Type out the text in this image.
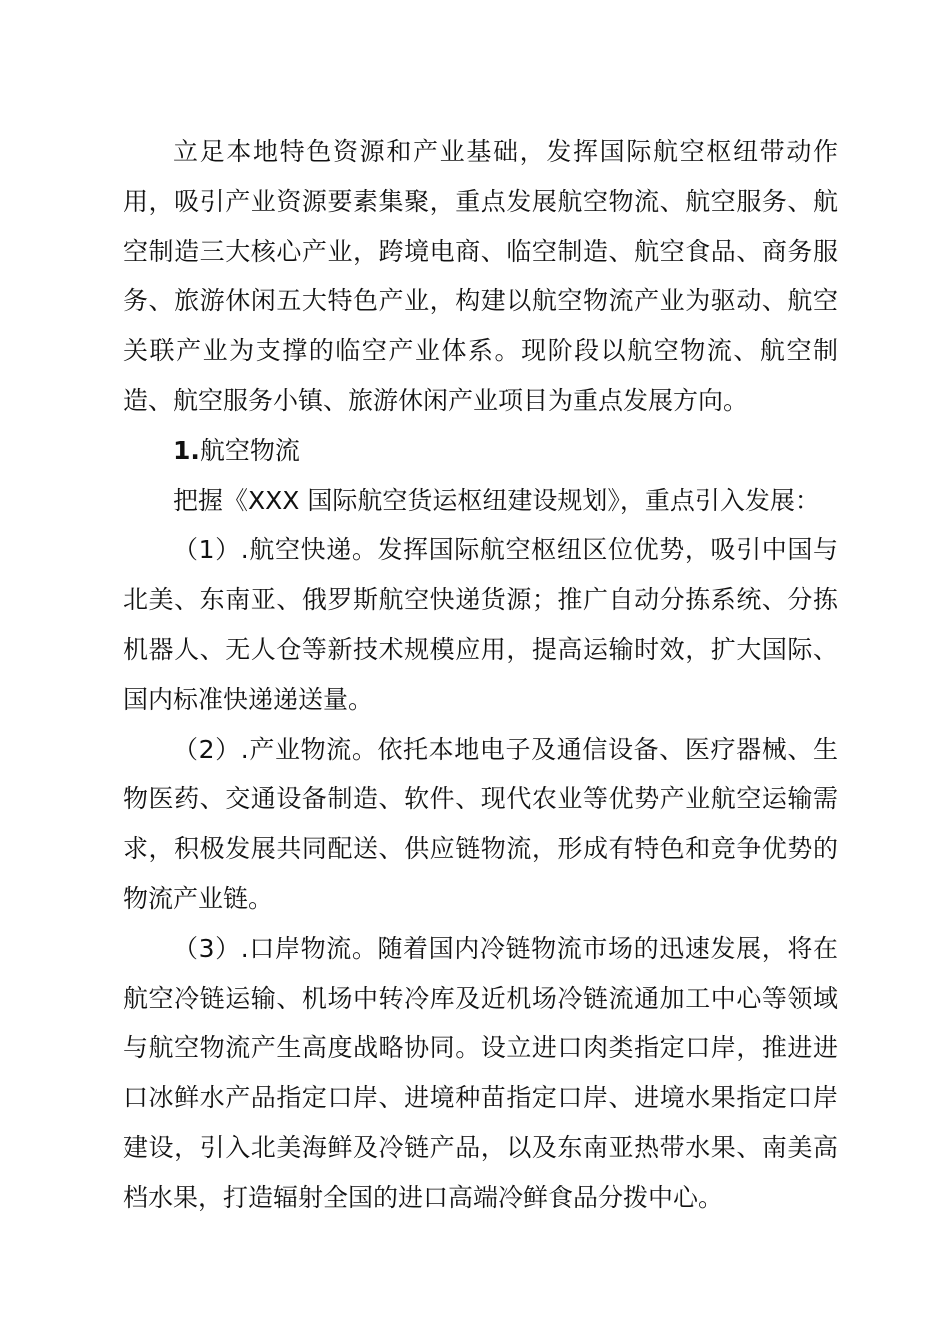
立足本地特色资源和产业基础，发挥国际航空枢纽带动作用，吸引产业资源要素集聚，重点发展航空物流、航空服务、航空制造三大核心产业，跨境电商、临空制造、航空食品、商务服务、旅游休闲五大特色产业，构建以航空物流产业为驱动、航空关联产业为支撑的临空产业体系。现阶段以航空物流、航空制造、航空服务小镇、旅游休闲产业项目为重点发展方向。

1.航空物流

把握《XXX 国际航空货运枢纽建设规划》，重点引入发展：

（1）.航空快递。发挥国际航空枢纽区位优势，吸引中国与北美、东南亚、俄罗斯航空快递货源；推广自动分拣系统、分拣机器人、无人仓等新技术规模应用，提高运输时效，扩大国际、国内标准快递递送量。

（2）.产业物流。依托本地电子及通信设备、医疗器械、生物医药、交通设备制造、软件、现代农业等优势产业航空运输需求，积极发展共同配送、供应链物流，形成有特色和竞争优势的物流产业链。

（3）.口岸物流。随着国内冷链物流市场的迅速发展，将在航空冷链运输、机场中转冷库及近机场冷链流通加工中心等领域与航空物流产生高度战略协同。设立进口肉类指定口岸，推进进口冰鲜水产品指定口岸、进境种苗指定口岸、进境水果指定口岸建设，引入北美海鲜及冷链产品，以及东南亚热带水果、南美高档水果，打造辐射全国的进口高端冷鲜食品分拨中心。
